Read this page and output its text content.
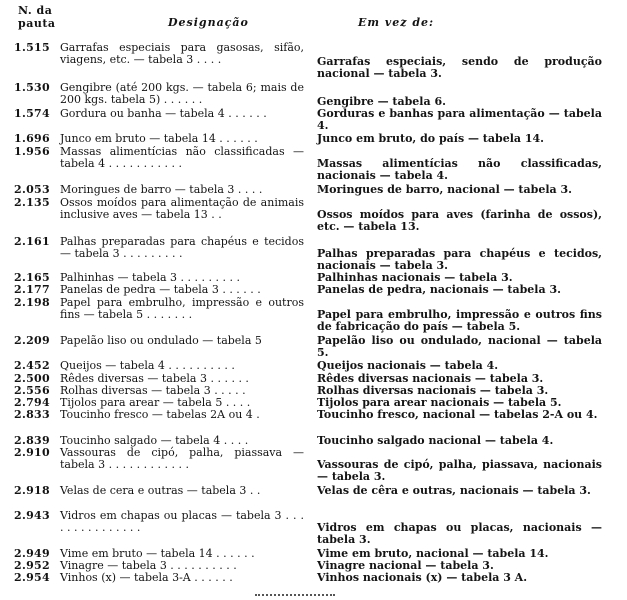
N. da pauta	Designação	Em vez de:
1.515 Garrafas especiais para gasosas, sifão, viagens, etc. — tabela 3 . . . .	Garrafas especiais, sendo de produção nacional — tabela 3.
1.530 Gengibre (até 200 kgs. — tabela 6; mais de 200 kgs. tabela 5) . . . . . .	Gengibre — tabela 6.
1.574 Gordura ou banha — tabela 4 . . . . . .	Gorduras e banhas para alimentação — tabela 4.
1.696 Junco em bruto — tabela 14 . . . . . .	Junco em bruto, do país — tabela 14.
1.956 Massas alimentícias não classificadas — tabela 4 . . . . . . . . . . .	Massas alimentícias não classificadas, nacionais — tabela 4.
2.053 Moringues de barro — tabela 3 . . . .	Moringues de barro, nacional — tabela 3.
2.135 Ossos moídos para alimentação de animais inclusive aves — tabela 13 . .	Ossos moídos para aves (farinha de ossos), etc. — tabela 13.
2.161 Palhas preparadas para chapéus e tecidos — tabela 3 . . . . . . . . .	Palhas preparadas para chapéus e tecidos, nacionais — tabela 3.
2.165 Palhinhas — tabela 3 . . . . . . . . .	Palhinhas nacionais — tabela 3.
2.177 Panelas de pedra — tabela 3 . . . . . .	Panelas de pedra, nacionais — tabela 3.
2.198 Papel para embrulho, impressão e outros fins — tabela 5 . . . . . . .	Papel para embrulho, impressão e outros fins de fabricação do país — tabela 5.
2.209 Papelão liso ou ondulado — tabela 5	Papelão liso ou ondulado, nacional — tabela 5.
2.452 Queijos — tabela 4 . . . . . . . . . .	Queijos nacionais — tabela 4.
2.500 Rêdes diversas — tabela 3 . . . . . .	Rêdes diversas nacionais — tabela 3.
2.556 Rolhas diversas — tabela 3 . . . . .	Rolhas diversas nacionais — tabela 3.
2.794 Tijolos para arear — tabela 5 . . . .	Tijolos para arear nacionais — tabela 5.
2.833 Toucinho fresco — tabelas 2A ou 4 .	Toucinho fresco, nacional — tabelas 2-A ou 4.
2.839 Toucinho salgado — tabela 4 . . . .	Toucinho salgado nacional — tabela 4.
2.910 Vassouras de cipó, palha, piassava — tabela 3 . . . . . . . . . . . .	Vassouras de cipó, palha, piassava, nacionais — tabela 3.
2.918 Velas de cera e outras — tabela 3 . .	Velas de cêra e outras, nacionais — tabela 3.
2.943 Vidros em chapas ou placas — tabela 3 . . . . . . . . . . . . . . .	Vidros em chapas ou placas, nacionais — tabela 3.
2.949 Vime em bruto — tabela 14 . . . . . .	Vime em bruto, nacional — tabela 14.
2.952 Vinagre — tabela 3 . . . . . . . . . .	Vinagre nacional — tabela 3.
2.954 Vinhos (x) — tabela 3-A . . . . . .	Vinhos nacionais (x) — tabela 3 A.
